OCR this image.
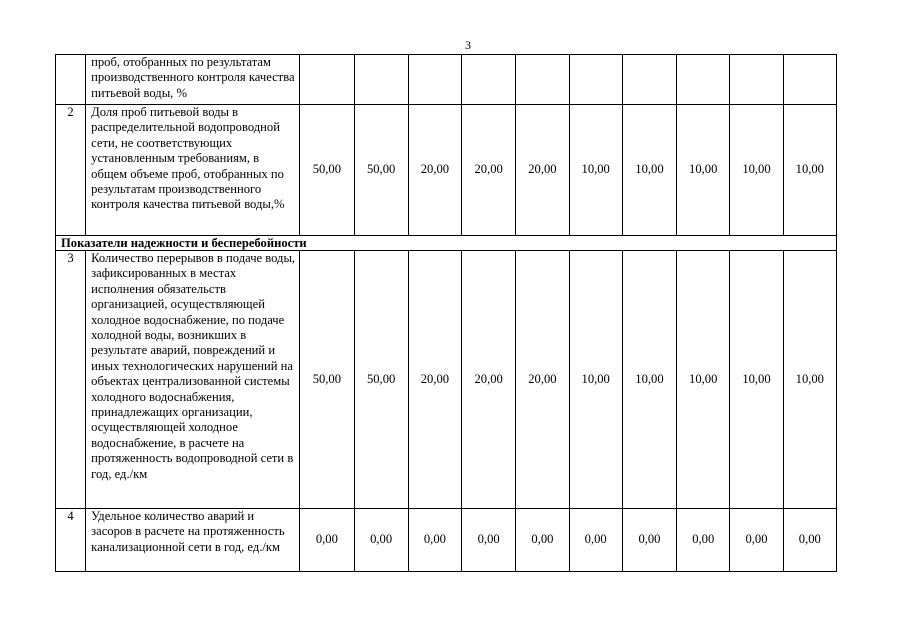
3
	проб, отобранных по результатам производственного контроля качества питьевой воды, %										
2	Доля проб питьевой воды в распределительной водопроводной сети, не соответствующих установленным требованиям, в общем объеме проб, отобранных по результатам производственного контроля качества питьевой воды,%	50,00	50,00	20,00	20,00	20,00	10,00	10,00	10,00	10,00	10,00
Показатели надежности и бесперебойности											
3	Количество перерывов в подаче воды, зафиксированных в местах исполнения обязательств организацией, осуществляющей холодное водоснабжение, по подаче холодной воды, возникших в результате аварий, повреждений и иных технологических нарушений на объектах централизованной системы холодного водоснабжения, принадлежащих организации, осуществляющей холодное водоснабжение, в расчете на протяженность водопроводной сети в год, ед./км	50,00	50,00	20,00	20,00	20,00	10,00	10,00	10,00	10,00	10,00
4	Удельное количество аварий и засоров в расчете на протяженность канализационной сети в год, ед./км	0,00	0,00	0,00	0,00	0,00	0,00	0,00	0,00	0,00	0,00
